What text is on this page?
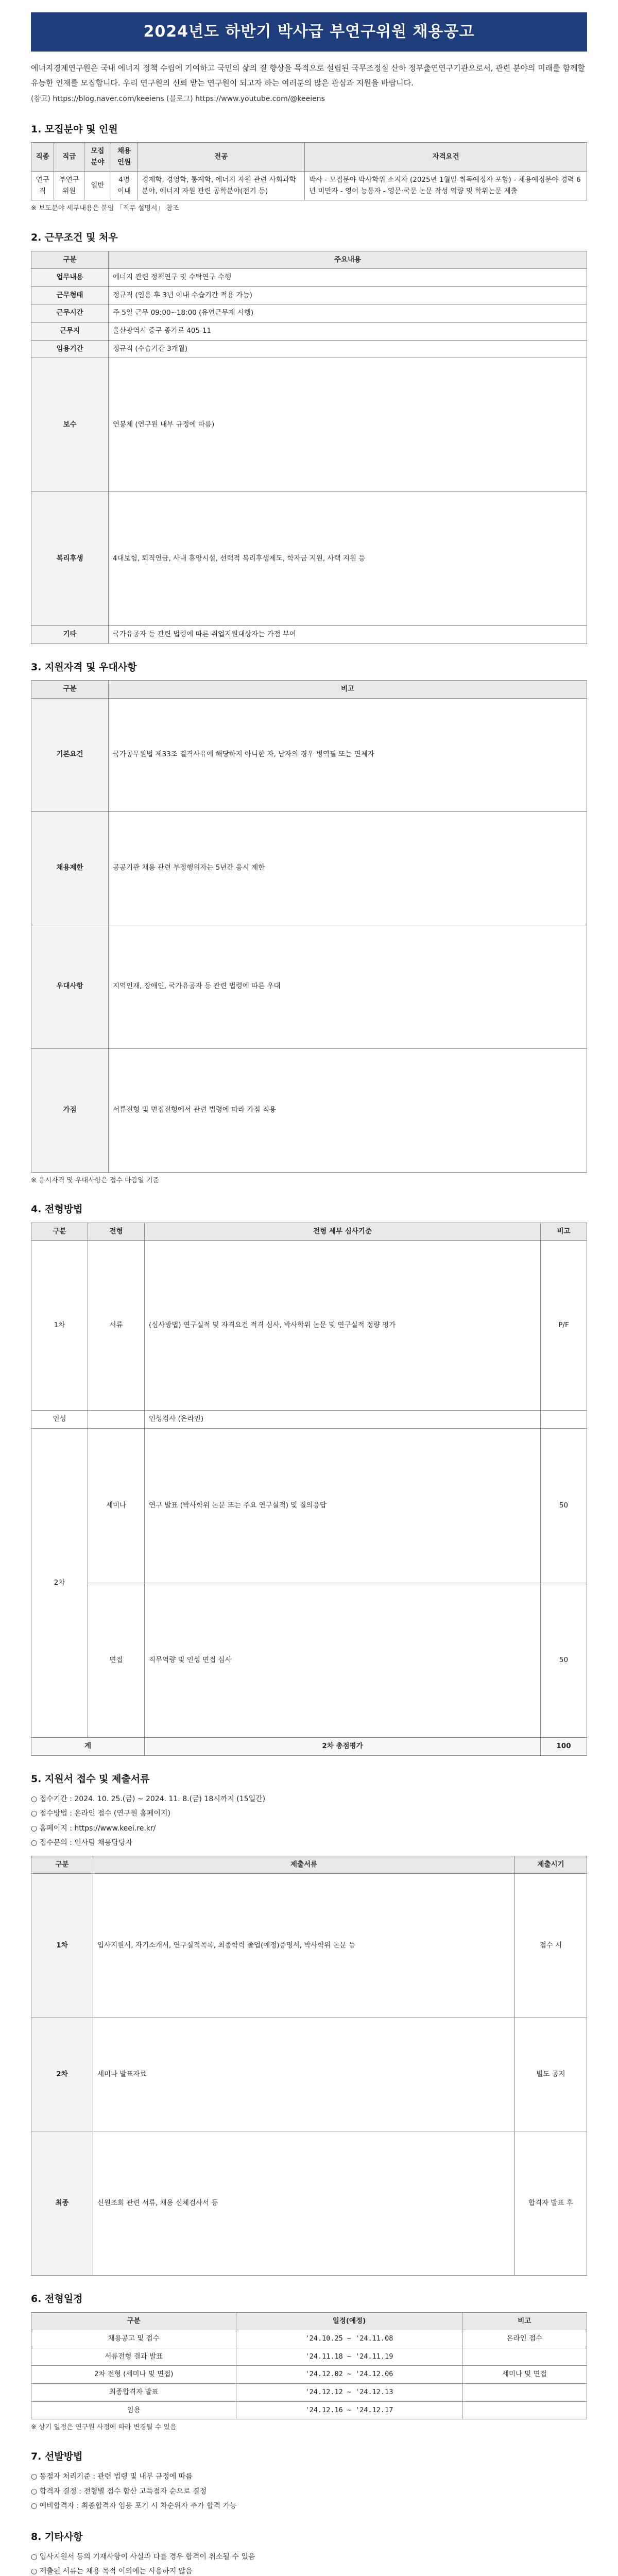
2024년도 하반기 박사급 부연구위원 채용공고

에너지경제연구원은 국내 에너지 정책 수립에 기여하고 국민의 삶의 질 향상을 목적으로 설립된 국무조정실 산하 정부출연연구기관으로서, 관련 분야의 미래를 함께할 유능한 인재를 모집합니다. 우리 연구원의 신뢰 받는 연구원이 되고자 하는 여러분의 많은 관심과 지원을 바랍니다.

(참고) https://blog.naver.com/keeiens (블로그) https://www.youtube.com/@keeiens

1. 모집분야 및 인원
직종	직급	모집분야	채용인원	전공	자격요건
연구직	부연구위원	일반	4명 이내	경제학, 경영학, 통계학, 에너지 자원 관련 사회과학분야, 에너지 자원 관련 공학분야(전기 등)	박사 - 모집분야 박사학위 소지자 (2025년 1월말 취득예정자 포함) - 채용예정분야 경력 6년 미만자 - 영어 능통자 - 영문·국문 논문 작성 역량 및 학위논문 제출

※ 보도분야 세부내용은 붙임 「직무 설명서」 참조

2. 근무조건 및 처우
구분	주요내용
업무내용	에너지 관련 정책연구 및 수탁연구 수행
근무형태	정규직 (임용 후 3년 이내 수습기간 적용 가능)
근무시간	주 5일 근무 09:00~18:00 (유연근무제 시행)
근무지	울산광역시 중구 종가로 405-11
임용기간	정규직 (수습기간 3개월)
보수	연봉제 (연구원 내부 규정에 따름)
복리후생	4대보험, 퇴직연금, 사내 휴양시설, 선택적 복리후생제도, 학자금 지원, 사택 지원 등
기타	국가유공자 등 관련 법령에 따른 취업지원대상자는 가점 부여
3. 지원자격 및 우대사항
구분	비고
기본요건	국가공무원법 제33조 결격사유에 해당하지 아니한 자, 남자의 경우 병역필 또는 면제자
채용제한	공공기관 채용 관련 부정행위자는 5년간 응시 제한
우대사항	지역인재, 장애인, 국가유공자 등 관련 법령에 따른 우대
가점	서류전형 및 면접전형에서 관련 법령에 따라 가점 적용

※ 응시자격 및 우대사항은 접수 마감일 기준

4. 전형방법
구분	전형	전형 세부 심사기준	비고
1차	서류	(심사방법) 연구실적 및 자격요건 적격 심사, 박사학위 논문 및 연구실적 정량 평가	P/F
인성		인성검사 (온라인)	
2차	세미나	연구 발표 (박사학위 논문 또는 주요 연구실적) 및 질의응답	50
	면접	직무역량 및 인성 면접 심사	50
계		2차 총점평가	100
5. 지원서 접수 및 제출서류
○ 접수기간 : 2024. 10. 25.(금) ~ 2024. 11. 8.(금) 18시까지 (15일간)
○ 접수방법 : 온라인 접수 (연구원 홈페이지)
○ 홈페이지 : https://www.keei.re.kr/
○ 접수문의 : 인사팀 채용담당자
구분	제출서류	제출시기
1차	입사지원서, 자기소개서, 연구실적목록, 최종학력 졸업(예정)증명서, 박사학위 논문 등	접수 시
2차	세미나 발표자료	별도 공지
최종	신원조회 관련 서류, 채용 신체검사서 등	합격자 발표 후
6. 전형일정
구분	일정(예정)	비고
채용공고 및 접수	'24.10.25 ~ '24.11.08	온라인 접수
서류전형 결과 발표	'24.11.18 ~ '24.11.19	
2차 전형 (세미나 및 면접)	'24.12.02 ~ '24.12.06	세미나 및 면접
최종합격자 발표	'24.12.12 ~ '24.12.13	
임용	'24.12.16 ~ '24.12.17	

※ 상기 일정은 연구원 사정에 따라 변경될 수 있음

7. 선발방법
○ 동점자 처리기준 : 관련 법령 및 내부 규정에 따름
○ 합격자 결정 : 전형별 점수 합산 고득점자 순으로 결정
○ 예비합격자 : 최종합격자 임용 포기 시 차순위자 추가 합격 가능
8. 기타사항
○ 입사지원서 등의 기재사항이 사실과 다를 경우 합격이 취소될 수 있음
○ 제출된 서류는 채용 목적 이외에는 사용하지 않음
